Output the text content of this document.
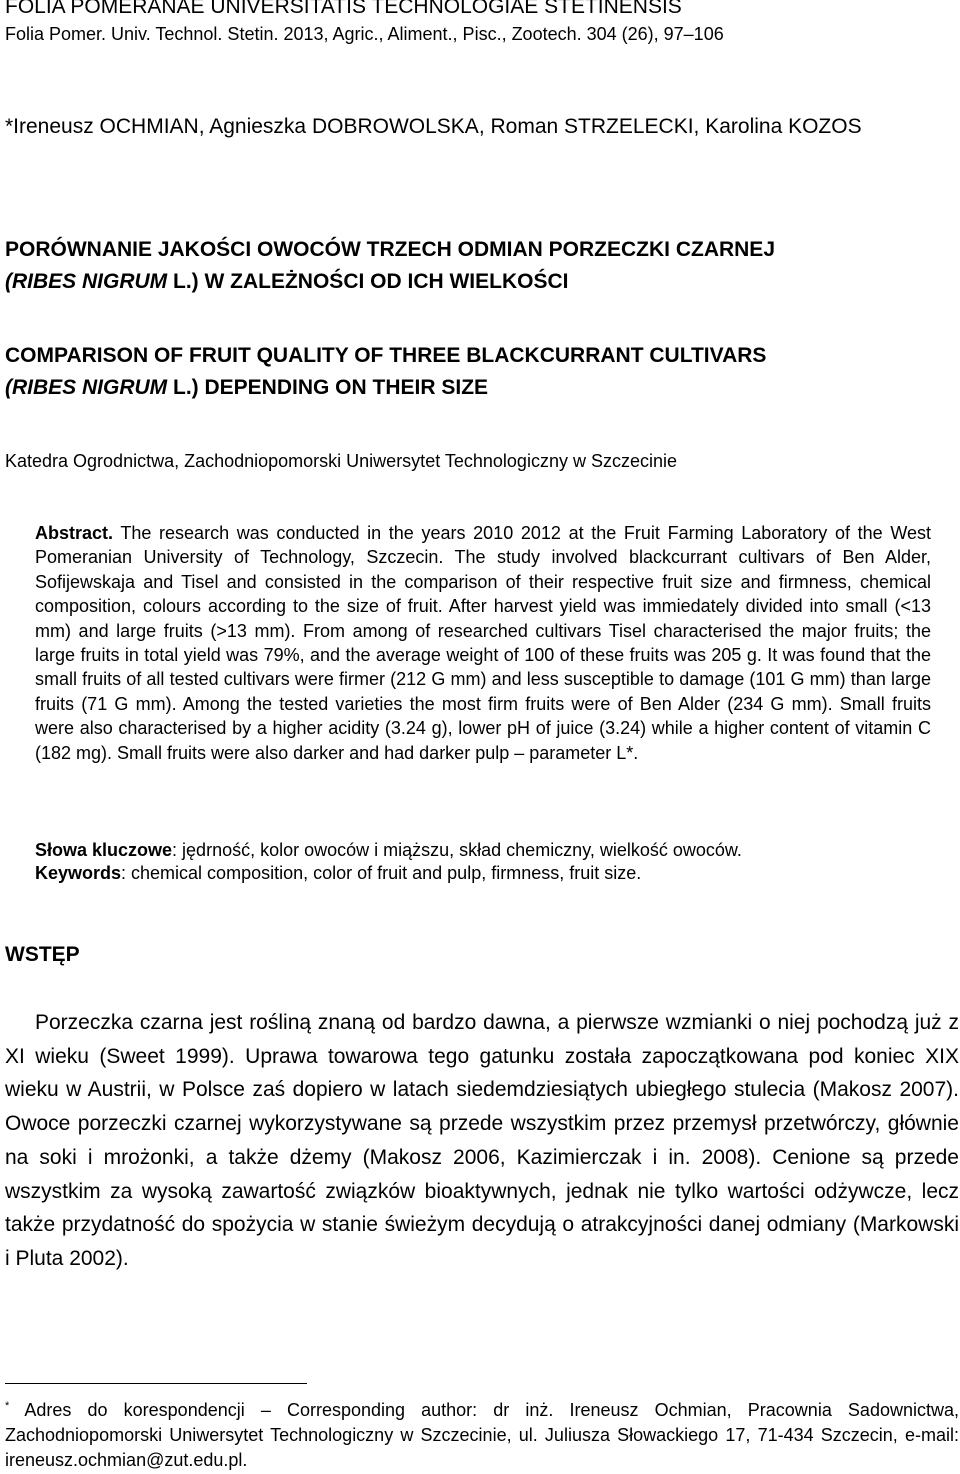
FOLIA POMERANAE UNIVERSITATIS TECHNOLOGIAE STETINENSIS
Folia Pomer. Univ. Technol. Stetin. 2013, Agric., Aliment., Pisc., Zootech. 304 (26), 97–106
*Ireneusz OCHMIAN, Agnieszka DOBROWOLSKA, Roman STRZELECKI, Karolina KOZOS
PORÓWNANIE JAKOŚCI OWOCÓW TRZECH ODMIAN PORZECZKI CZARNEJ
(RIBES NIGRUM L.) W ZALEŻNOŚCI OD ICH WIELKOŚCI
COMPARISON OF FRUIT QUALITY OF THREE BLACKCURRANT CULTIVARS
(RIBES NIGRUM L.) DEPENDING ON THEIR SIZE
Katedra Ogrodnictwa, Zachodniopomorski Uniwersytet Technologiczny w Szczecinie
Abstract. The research was conducted in the years 2010 2012 at the Fruit Farming Laboratory of the West Pomeranian University of Technology, Szczecin. The study involved blackcurrant cultivars of Ben Alder, Sofijewskaja and Tisel and consisted in the comparison of their respective fruit size and firmness, chemical composition, colours according to the size of fruit. After harvest yield was immiedately divided into small (<13 mm) and large fruits (>13 mm). From among of researched cultivars Tisel characterised the major fruits; the large fruits in total yield was 79%, and the average weight of 100 of these fruits was 205 g. It was found that the small fruits of all tested cultivars were firmer (212 G mm) and less susceptible to damage (101 G mm) than large fruits (71 G mm). Among the tested varieties the most firm fruits were of Ben Alder (234 G mm). Small fruits were also characterised by a higher acidity (3.24 g), lower pH of juice (3.24) while a higher content of vitamin C (182 mg). Small fruits were also darker and had darker pulp – parameter L*.
Słowa kluczowe: jędrność, kolor owoców i miąższu, skład chemiczny, wielkość owoców.
Keywords: chemical composition, color of fruit and pulp, firmness, fruit size.
WSTĘP

Porzeczka czarna jest rośliną znaną od bardzo dawna, a pierwsze wzmianki o niej pochodzą już z XI wieku (Sweet 1999). Uprawa towarowa tego gatunku została zapoczątkowana pod koniec XIX wieku w Austrii, w Polsce zaś dopiero w latach siedemdziesiątych ubiegłego stulecia (Makosz 2007). Owoce porzeczki czarnej wykorzystywane są przede wszystkim przez przemysł przetwórczy, głównie na soki i mrożonki, a także dżemy (Makosz 2006, Kazimierczak i in. 2008). Cenione są przede wszystkim za wysoką zawartość związków bioaktywnych, jednak nie tylko wartości odżywcze, lecz także przydatność do spożycia w stanie świeżym decydują o atrakcyjności danej odmiany (Markowski i Pluta 2002).

* Adres do korespondencji – Corresponding author: dr inż. Ireneusz Ochmian, Pracownia Sadownictwa, Zachodniopomorski Uniwersytet Technologiczny w Szczecinie, ul. Juliusza Słowackiego 17, 71-434 Szczecin, e-mail: ireneusz.ochmian@zut.edu.pl.
